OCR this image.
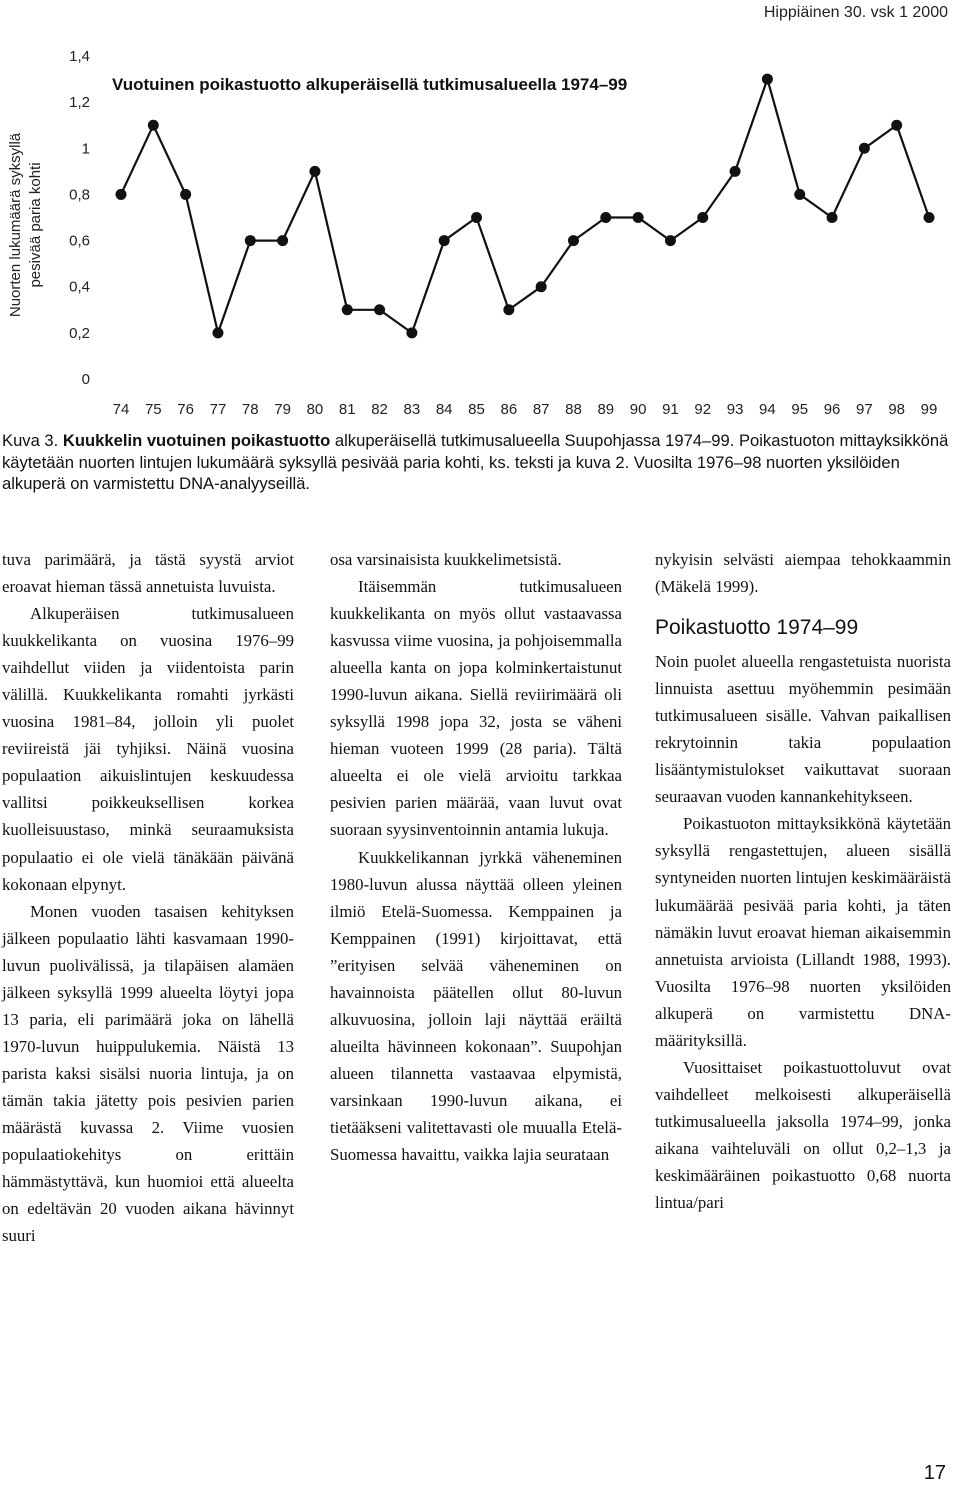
Hippiäinen 30. vsk 1 2000
Nuorten lukumäärä syksyllä pesivää paria kohti
Vuotuinen poikastuotto alkuperäisellä tutkimusalueella 1974–99
0
0,2
0,4
0,6
0,8
1
1,2
1,4
74 75 76 77 78 79 80 81 82 83 84 85 86 87 88 89 90 91 92 93 94 95 96 97 98 99
Kuva 3. Kuukkelin vuotuinen poikastuotto alkuperäisellä tutkimusalueella Suupohjassa 1974–99. Poikastuoton mittayksikkönä käytetään nuorten lintujen lukumäärä syksyllä pesivää paria kohti, ks. teksti ja kuva 2. Vuosilta 1976–98 nuorten yksilöiden alkuperä on varmistettu DNA-analyyseillä.

tuva parimäärä, ja tästä syystä arviot eroavat hieman tässä annetuista luvuista.

Alkuperäisen tutkimusalueen kuukkelikanta on vuosina 1976–99 vaihdellut viiden ja viidentoista parin välillä. Kuukkelikanta romahti jyrkästi vuosina 1981–84, jolloin yli puolet reviireistä jäi tyhjiksi. Näinä vuosina populaation aikuislintujen keskuudessa vallitsi poikkeuksellisen korkea kuolleisuustaso, minkä seuraamuksista populaatio ei ole vielä tänäkään päivänä kokonaan elpynyt.

Monen vuoden tasaisen kehityksen jälkeen populaatio lähti kasvamaan 1990-luvun puolivälissä, ja tilapäisen alamäen jälkeen syksyllä 1999 alueelta löytyi jopa 13 paria, eli parimäärä joka on lähellä 1970-luvun huippulukemia. Näistä 13 parista kaksi sisälsi nuoria lintuja, ja on tämän takia jätetty pois pesivien parien määrästä kuvassa 2. Viime vuosien populaatiokehitys on erittäin hämmästyttävä, kun huomioi että alueelta on edeltävän 20 vuoden aikana hävinnyt suuri

osa varsinaisista kuukkelimetsistä.

Itäisemmän tutkimusalueen kuukkelikanta on myös ollut vastaavassa kasvussa viime vuosina, ja pohjoisemmalla alueella kanta on jopa kolminkertaistunut 1990-luvun aikana. Siellä reviirimäärä oli syksyllä 1998 jopa 32, josta se väheni hieman vuoteen 1999 (28 paria). Tältä alueelta ei ole vielä arvioitu tarkkaa pesivien parien määrää, vaan luvut ovat suoraan syysinventoinnin antamia lukuja.

Kuukkelikannan jyrkkä väheneminen 1980-luvun alussa näyttää olleen yleinen ilmiö Etelä-Suomessa. Kemppainen ja Kemppainen (1991) kirjoittavat, että ”erityisen selvää väheneminen on havainnoista päätellen ollut 80-luvun alkuvuosina, jolloin laji näyttää eräiltä alueilta hävinneen kokonaan”. Suupohjan alueen tilannetta vastaavaa elpymistä, varsinkaan 1990-luvun aikana, ei tietääkseni valitettavasti ole muualla Etelä-Suomessa havaittu, vaikka lajia seurataan

nykyisin selvästi aiempaa tehokkaammin (Mäkelä 1999).

Poikastuotto 1974–99

Noin puolet alueella rengastetuista nuorista linnuista asettuu myöhemmin pesimään tutkimusalueen sisälle. Vahvan paikallisen rekrytoinnin takia populaation lisääntymistulokset vaikuttavat suoraan seuraavan vuoden kannankehitykseen.

Poikastuoton mittayksikkönä käytetään syksyllä rengastettujen, alueen sisällä syntyneiden nuorten lintujen keskimääräistä lukumäärää pesivää paria kohti, ja täten nämäkin luvut eroavat hieman aikaisemmin annetuista arvioista (Lillandt 1988, 1993). Vuosilta 1976–98 nuorten yksilöiden alkuperä on varmistettu DNA-määrityksillä.

Vuosittaiset poikastuottoluvut ovat vaihdelleet melkoisesti alkuperäisellä tutkimusalueella jaksolla 1974–99, jonka aikana vaihteluväli on ollut 0,2–1,3 ja keskimääräinen poikastuotto 0,68 nuorta lintua/pari

17
